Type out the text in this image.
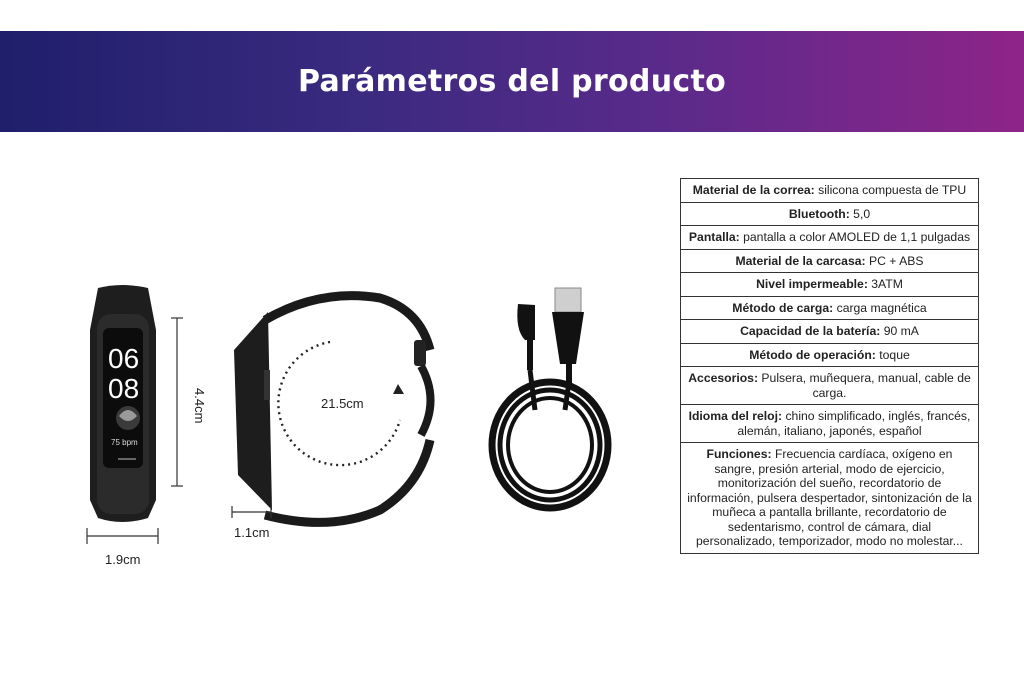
Parámetros del producto
06
08
75 bpm
4.4cm
1.9cm
21.5cm
1.1cm
Material de la correa: silicona compuesta de TPU
Bluetooth: 5,0
Pantalla: pantalla a color AMOLED de 1,1 pulgadas
Material de la carcasa: PC + ABS
Nivel impermeable: 3ATM
Método de carga: carga magnética
Capacidad de la batería: 90 mA
Método de operación: toque
Accesorios: Pulsera, muñequera, manual, cable de carga.
Idioma del reloj: chino simplificado, inglés, francés, alemán, italiano, japonés, español
Funciones: Frecuencia cardíaca, oxígeno en sangre, presión arterial, modo de ejercicio, monitorización del sueño, recordatorio de información, pulsera despertador, sintonización de la muñeca a pantalla brillante, recordatorio de sedentarismo, control de cámara, dial personalizado, temporizador, modo no molestar...
